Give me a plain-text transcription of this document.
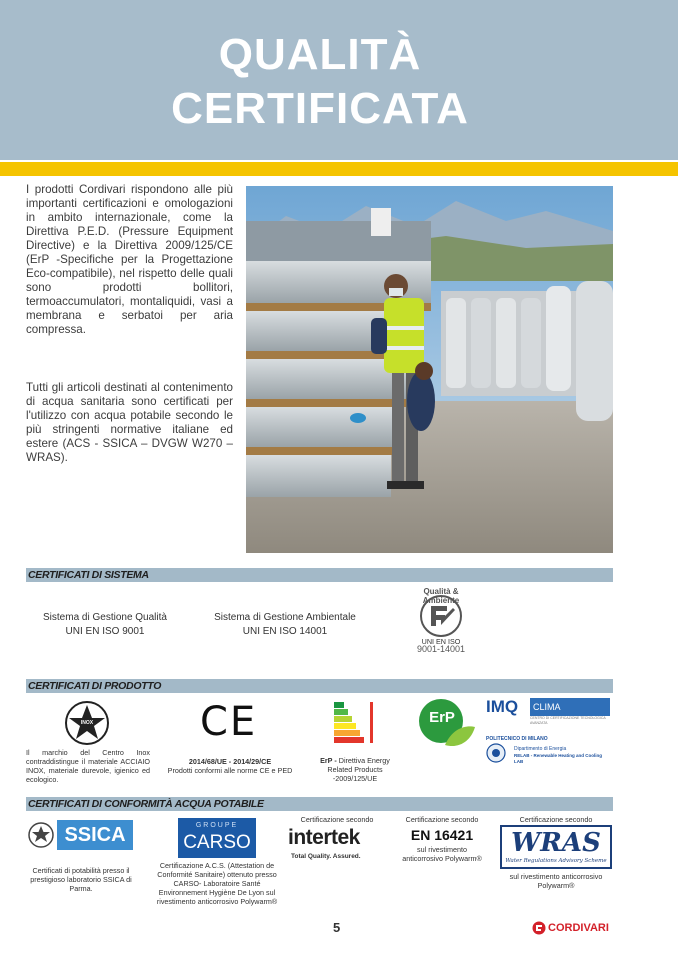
QUALITÀ
CERTIFICATA

I prodotti Cordivari rispondono alle più importanti certificazioni e omologazioni in ambito internazionale, come la Direttiva P.E.D. (Pressure Equipment Directive) e la Direttiva 2009/125/CE (ErP -Specifiche per la Progettazione Eco-compatibile), nel rispetto delle quali sono prodotti bollitori, termoaccumulatori, montaliquidi, vasi a membrana e serbatoi per aria compressa.

Tutti gli articoli destinati al contenimento di acqua sanitaria sono certificati per l'utilizzo con acqua potabile secondo le più stringenti normative italiane ed estere (ACS - SSICA – DVGW W270 – WRAS).

CERTIFICATI DI SISTEMA
Sistema di Gestione Qualità
UNI EN ISO 9001
Sistema di Gestione Ambientale
UNI EN ISO 14001
Qualità & Ambiente
UNI EN ISO
9001-14001
CERTIFICATI DI PRODOTTO
INOX
Il marchio del Centro Inox contraddistingue il materiale ACCIAIO INOX, materiale durevole, igienico ed ecologico.
CE
2014/68/UE - 2014/29/CE
Prodotti conformi alle norme CE e PED
ErP - Direttiva Energy Related Products -2009/125/UE
ErP
IMQ	CLIMA
CENTRO DI CERTIFICAZIONE TECNOLOGICA AVANZATA
POLITECNICO DI MILANO
Dipartimento di Energia
RELAB - Renewable Heating and Cooling LAB
CERTIFICATI DI CONFORMITÀ ACQUA POTABILE
SSICA
Certificati di potabilità presso il prestigioso laboratorio SSICA di Parma.
GROUPE
CARSO
Certificazione A.C.S. (Attestation de Conformité Sanitaire) ottenuto presso CARSO- Laboratoire Santé Environnement Hygiène De Lyon sul rivestimento anticorrosivo Polywarm®
Certificazione secondo
intertek
Total Quality. Assured.
Certificazione secondo
EN 16421
sul rivestimento anticorrosivo Polywarm®
Certificazione secondo
WRAS
Water Regulations Advisory Scheme
sul rivestimento anticorrosivo Polywarm®
5	CORDIVARI
